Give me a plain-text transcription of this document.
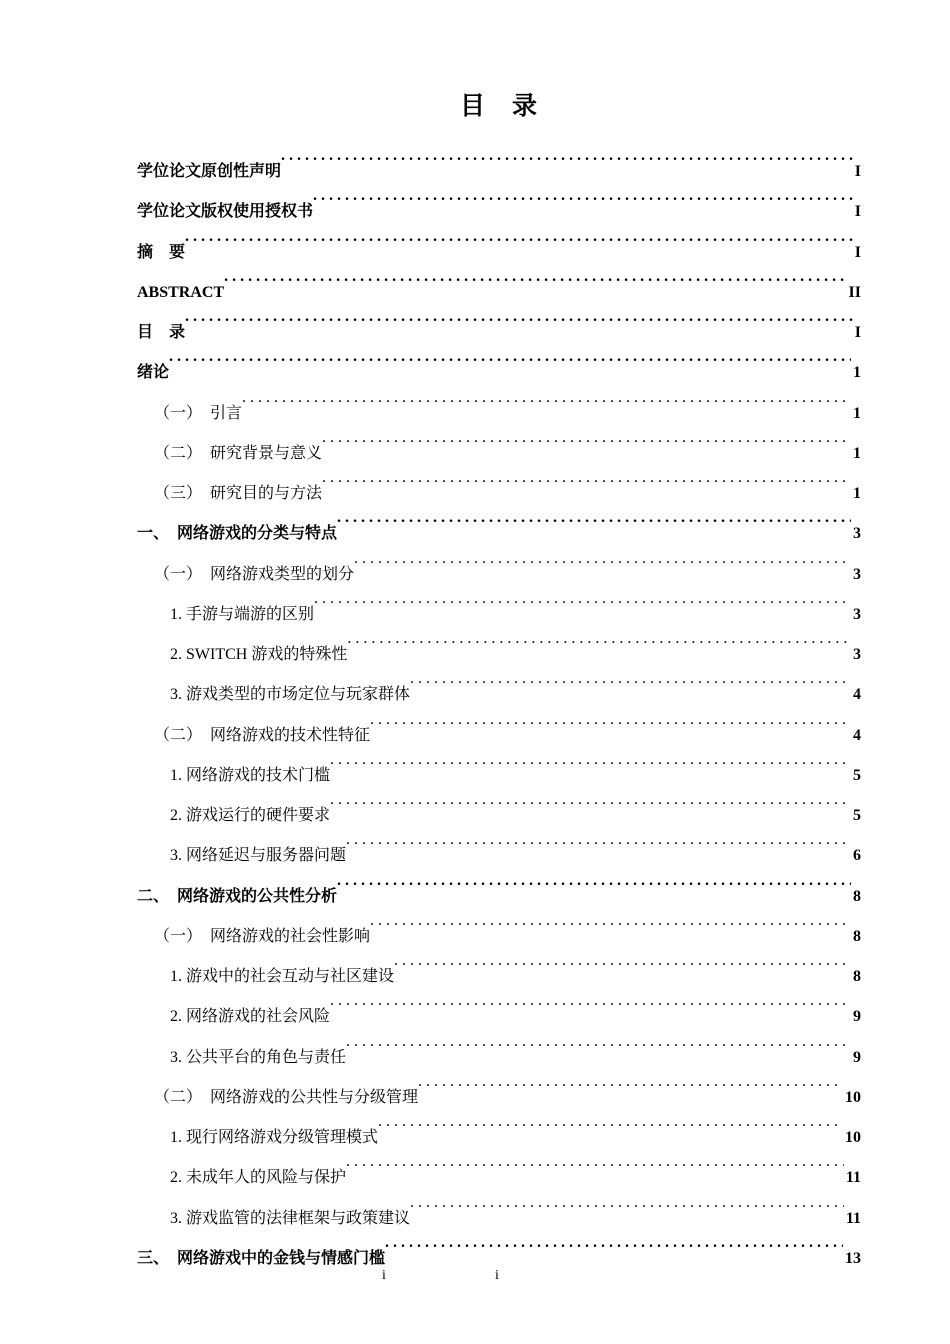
目　录
学位论文原创性声明 . . .	I
学位论文版权使用授权书 . . .	I
摘　要 . . .	I
ABSTRACT . . .	II
目　录 . . .	I
绪论 . . .	1
（一）　引言 . . .	1
（二）　研究背景与意义 . . .	1
（三）　研究目的与方法 . . .	1
一、　网络游戏的分类与特点 . . .	3
（一）　网络游戏类型的划分 . . .	3
1. 手游与端游的区别 . . .	3
2. SWITCH 游戏的特殊性 . . .	3
3. 游戏类型的市场定位与玩家群体 . . .	4
（二）　网络游戏的技术性特征 . . .	4
1. 网络游戏的技术门槛 . . .	5
2. 游戏运行的硬件要求 . . .	5
3. 网络延迟与服务器问题 . . .	6
二、　网络游戏的公共性分析 . . .	8
（一）　网络游戏的社会性影响 . . .	8
1. 游戏中的社会互动与社区建设 . . .	8
2. 网络游戏的社会风险 . . .	9
3. 公共平台的角色与责任 . . .	9
（二）　网络游戏的公共性与分级管理 . . .	10
1. 现行网络游戏分级管理模式 . . .	10
2. 未成年人的风险与保护 . . .	11
3. 游戏监管的法律框架与政策建议 . . .	11
三、　网络游戏中的金钱与情感门槛 . . .	13
i	i
